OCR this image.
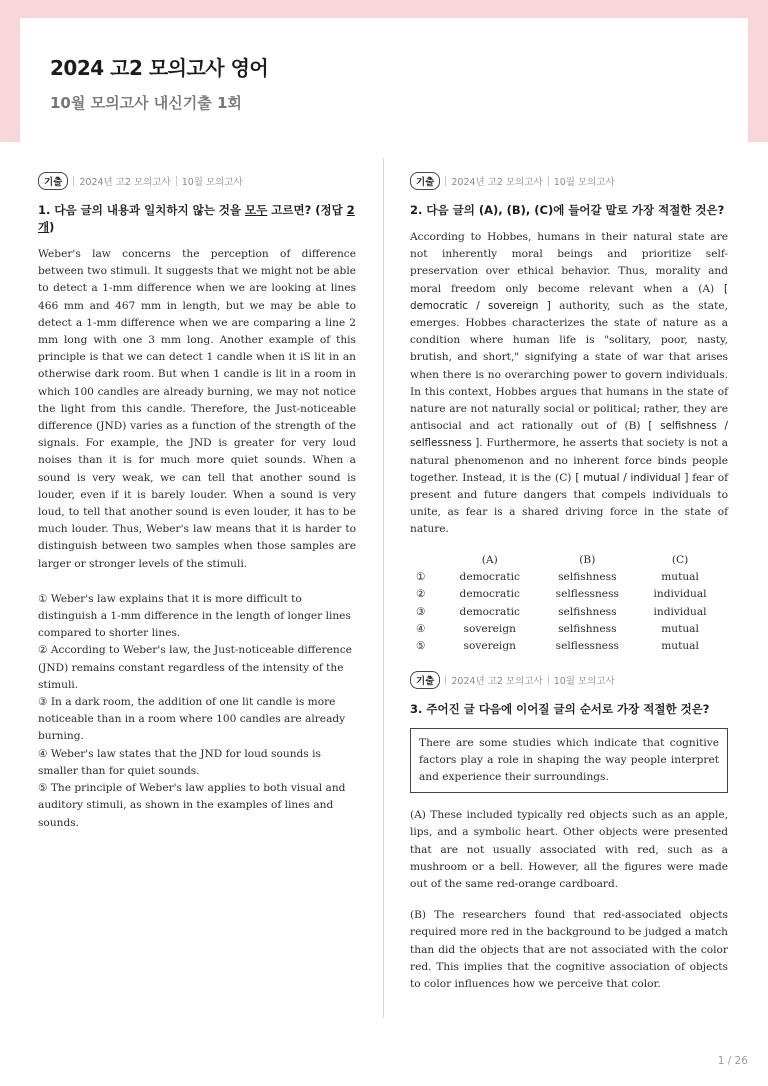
2024 고2 모의고사 영어
10월 모의고사 내신기출 1회
기출	2024년 고2 모의고사 10월 모의고사
1. 다음 글의 내용과 일치하지 않는 것을 모두 고르면? (정답 2
개)

Weber's law concerns the perception of difference between two stimuli. It suggests that we might not be able to detect a 1-mm difference when we are looking at lines 466 mm and 467 mm in length, but we may be able to detect a 1-mm difference when we are comparing a line 2 mm long with one 3 mm long. Another example of this principle is that we can detect 1 candle when it iS lit in an otherwise dark room. But when 1 candle is lit in a room in which 100 candles are already burning, we may not notice the light from this candle. Therefore, the Just-noticeable difference (JND) varies as a function of the strength of the signals. For example, the JND is greater for very loud noises than it is for much more quiet sounds. When a sound is very weak, we can tell that another sound is louder, even if it is barely louder. When a sound is very loud, to tell that another sound is even louder, it has to be much louder. Thus, Weber's law means that it is harder to distinguish between two samples when those samples are larger or stronger levels of the stimuli.

① Weber's law explains that it is more difficult to distinguish a 1-mm difference in the length of longer lines compared to shorter lines.

② According to Weber's law, the Just-noticeable difference (JND) remains constant regardless of the intensity of the stimuli.

③ In a dark room, the addition of one lit candle is more noticeable than in a room where 100 candles are already burning.

④ Weber's law states that the JND for loud sounds is smaller than for quiet sounds.

⑤ The principle of Weber's law applies to both visual and auditory stimuli, as shown in the examples of lines and sounds.

기출	2024년 고2 모의고사 10월 모의고사
2. 다음 글의 (A), (B), (C)에 들어갈 말로 가장 적절한 것은?

According to Hobbes, humans in their natural state are not inherently moral beings and prioritize self-preservation over ethical behavior. Thus, morality and moral freedom only become relevant when a (A) [ democratic / sovereign ] authority, such as the state, emerges. Hobbes characterizes the state of nature as a condition where human life is "solitary, poor, nasty, brutish, and short," signifying a state of war that arises when there is no overarching power to govern individuals. In this context, Hobbes argues that humans in the state of nature are not naturally social or political; rather, they are antisocial and act rationally out of (B) [ selfishness / selflessness ]. Furthermore, he asserts that society is not a natural phenomenon and no inherent force binds people together. Instead, it is the (C) [ mutual / individual ] fear of present and future dangers that compels individuals to unite, as fear is a shared driving force in the state of nature.

	(A)	(B)	(C)
①	democratic	selfishness	mutual
②	democratic	selflessness	individual
③	democratic	selfishness	individual
④	sovereign	selfishness	mutual
⑤	sovereign	selflessness	mutual
기출	2024년 고2 모의고사 10월 모의고사
3. 주어진 글 다음에 이어질 글의 순서로 가장 적절한 것은?
There are some studies which indicate that cognitive factors play a role in shaping the way people interpret and experience their surroundings.

(A) These included typically red objects such as an apple, lips, and a symbolic heart. Other objects were presented that are not usually associated with red, such as a mushroom or a bell. However, all the figures were made out of the same red-orange cardboard.

(B) The researchers found that red-associated objects required more red in the background to be judged a match than did the objects that are not associated with the color red. This implies that the cognitive association of objects to color influences how we perceive that color.

1 / 26
